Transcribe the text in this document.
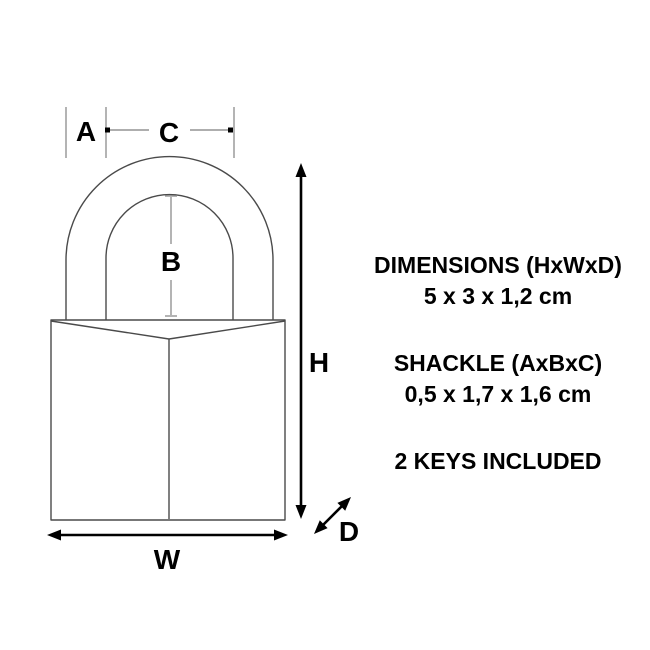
A C
B
H
W
D
DIMENSIONS (HxWxD)
5 x 3 x 1,2 cm
SHACKLE (AxBxC)
0,5 x 1,7 x 1,6 cm
2 KEYS INCLUDED
